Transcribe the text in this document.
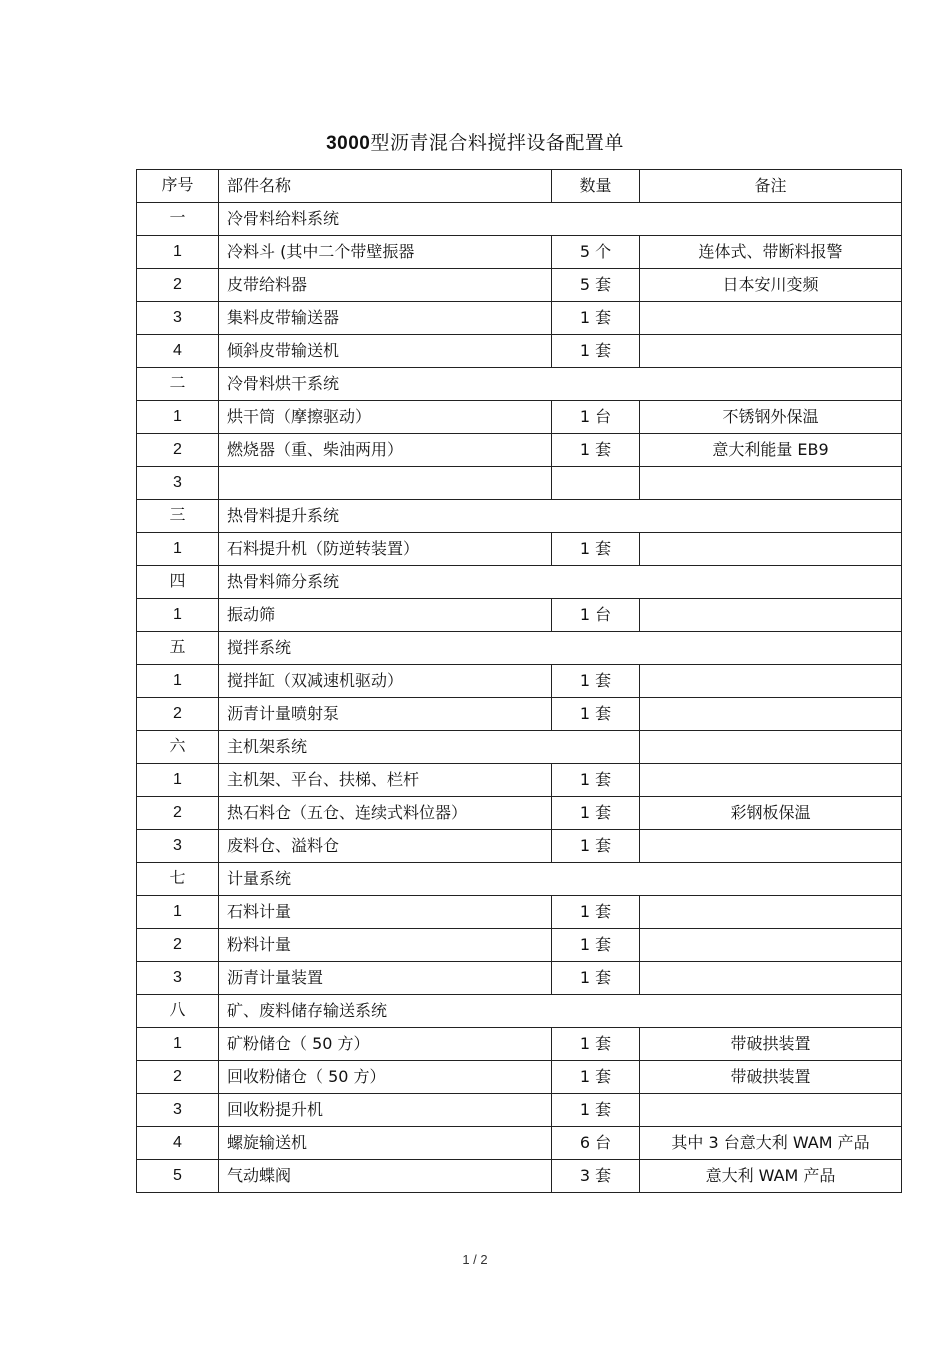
3000型沥青混合料搅拌设备配置单
序号	部件名称	数量	备注
一	冷骨料给料系统		
1	冷料斗 (其中二个带壁振器	5 个	连体式、带断料报警
2	皮带给料器	5 套	日本安川变频
3	集料皮带输送器	1 套	
4	倾斜皮带输送机	1 套	
二	冷骨料烘干系统		
1	烘干筒（摩擦驱动）	1 台	不锈钢外保温
2	燃烧器（重、柴油两用）	1 套	意大利能量 EB9
3			
三	热骨料提升系统		
1	石料提升机（防逆转装置）	1 套	
四	热骨料筛分系统		
1	振动筛	1 台	
五	搅拌系统		
1	搅拌缸（双减速机驱动）	1 套	
2	沥青计量喷射泵	1 套	
六	主机架系统		
1	主机架、平台、扶梯、栏杆	1 套	
2	热石料仓（五仓、连续式料位器）	1 套	彩钢板保温
3	废料仓、溢料仓	1 套	
七	计量系统		
1	石料计量	1 套	
2	粉料计量	1 套	
3	沥青计量装置	1 套	
八	矿、废料储存输送系统		
1	矿粉储仓（ 50 方）	1 套	带破拱装置
2	回收粉储仓（ 50 方）	1 套	带破拱装置
3	回收粉提升机	1 套	
4	螺旋输送机	6 台	其中 3 台意大利 WAM 产品
5	气动蝶阀	3 套	意大利 WAM 产品
1 / 2
